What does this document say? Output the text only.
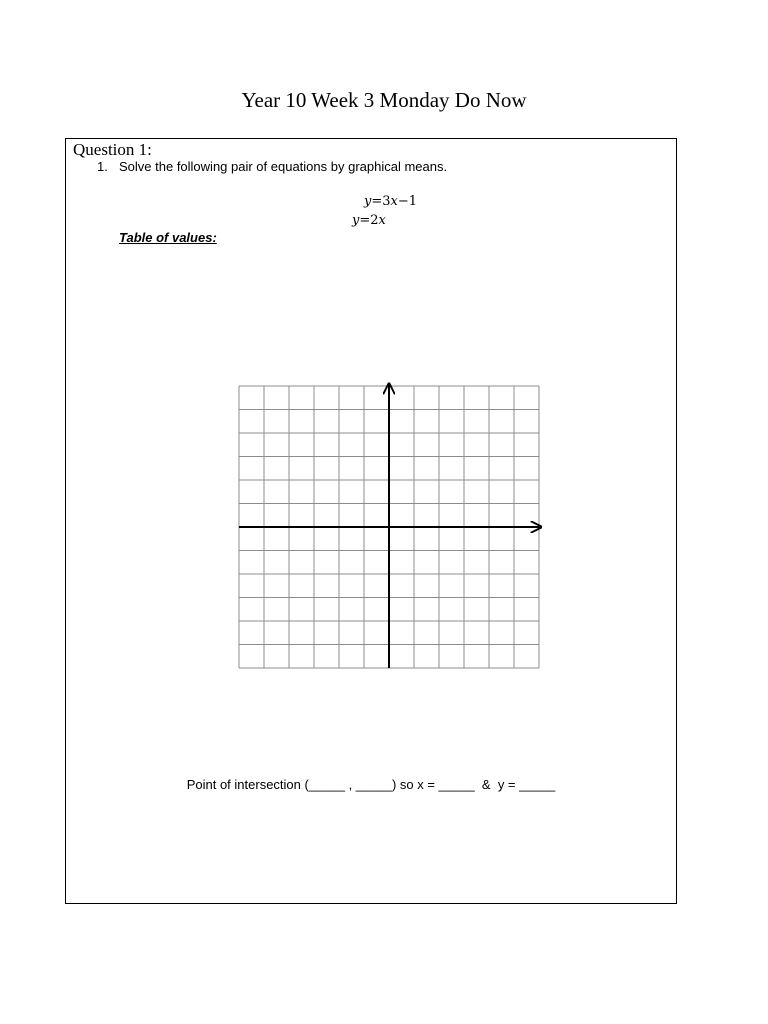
Year 10 Week 3 Monday Do Now
Question 1:
1. Solve the following pair of equations by graphical means.
y=3x−1
y=2x
Table of values:
Point of intersection (_____ , _____) so x = _____  &  y = _____
